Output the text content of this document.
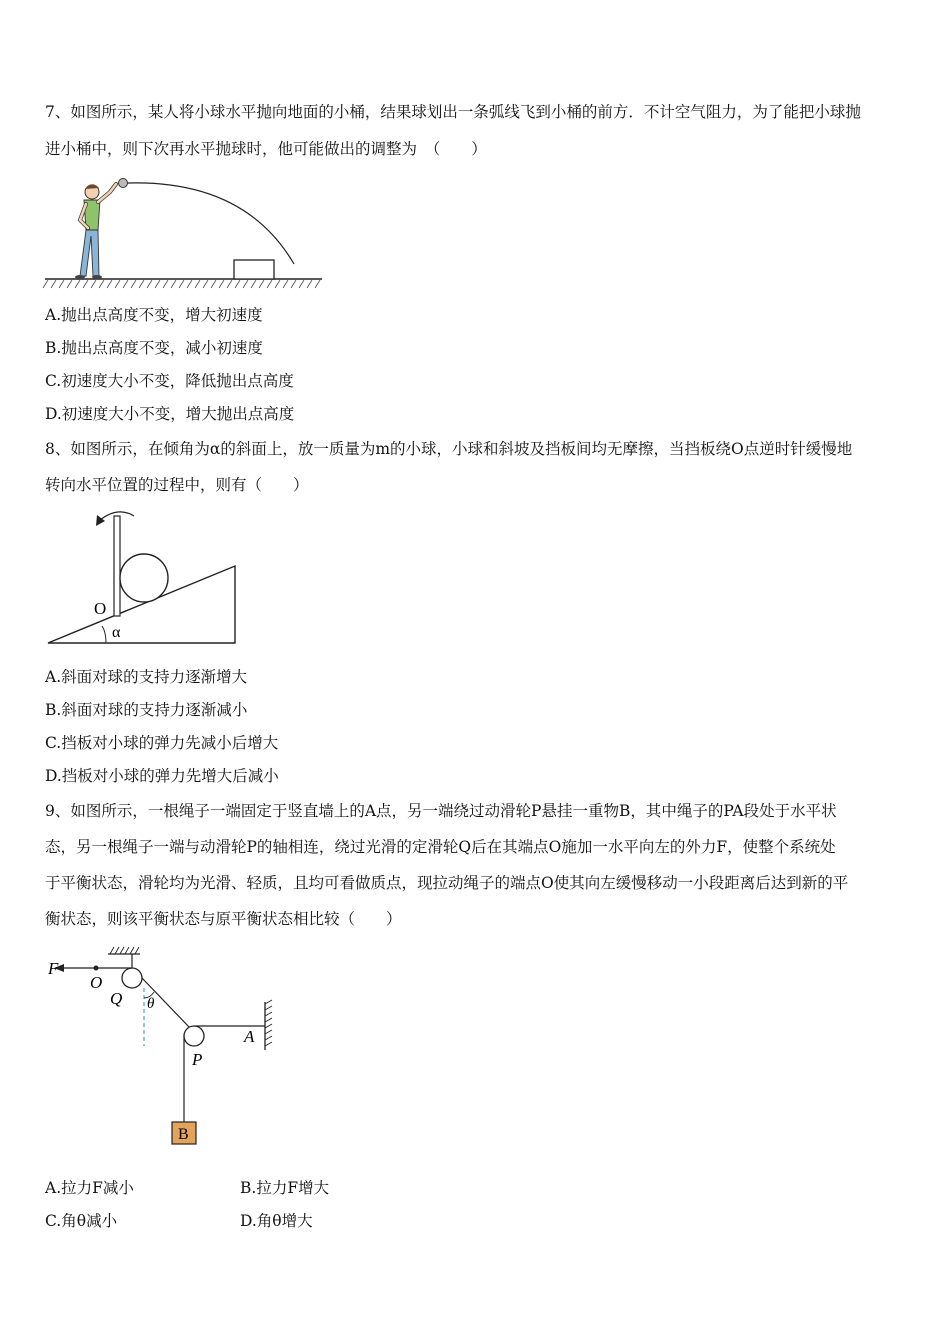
7、如图所示，某人将小球水平抛向地面的小桶，结果球划出一条弧线飞到小桶的前方．不计空气阻力，为了能把小球抛
进小桶中，则下次再水平抛球时，他可能做出的调整为　（　　）
A.抛出点高度不变，增大初速度
B.抛出点高度不变，减小初速度
C.初速度大小不变，降低抛出点高度
D.初速度大小不变，增大抛出点高度
8、如图所示，在倾角为α的斜面上，放一质量为m的小球，小球和斜坡及挡板间均无摩擦，当挡板绕O点逆时针缓慢地
转向水平位置的过程中，则有（　　）
O
α
A.斜面对球的支持力逐渐增大
B.斜面对球的支持力逐渐减小
C.挡板对小球的弹力先减小后增大
D.挡板对小球的弹力先增大后减小
9、如图所示，一根绳子一端固定于竖直墙上的A点，另一端绕过动滑轮P悬挂一重物B，其中绳子的PA段处于水平状
态，另一根绳子一端与动滑轮P的轴相连，绕过光滑的定滑轮Q后在其端点O施加一水平向左的外力F，使整个系统处
于平衡状态，滑轮均为光滑、轻质，且均可看做质点，现拉动绳子的端点O使其向左缓慢移动一小段距离后达到新的平
衡状态，则该平衡状态与原平衡状态相比较（　　）
B
F
O
Q θ
A
P
A.拉力F减小	B.拉力F增大
C.角θ减小	D.角θ增大
